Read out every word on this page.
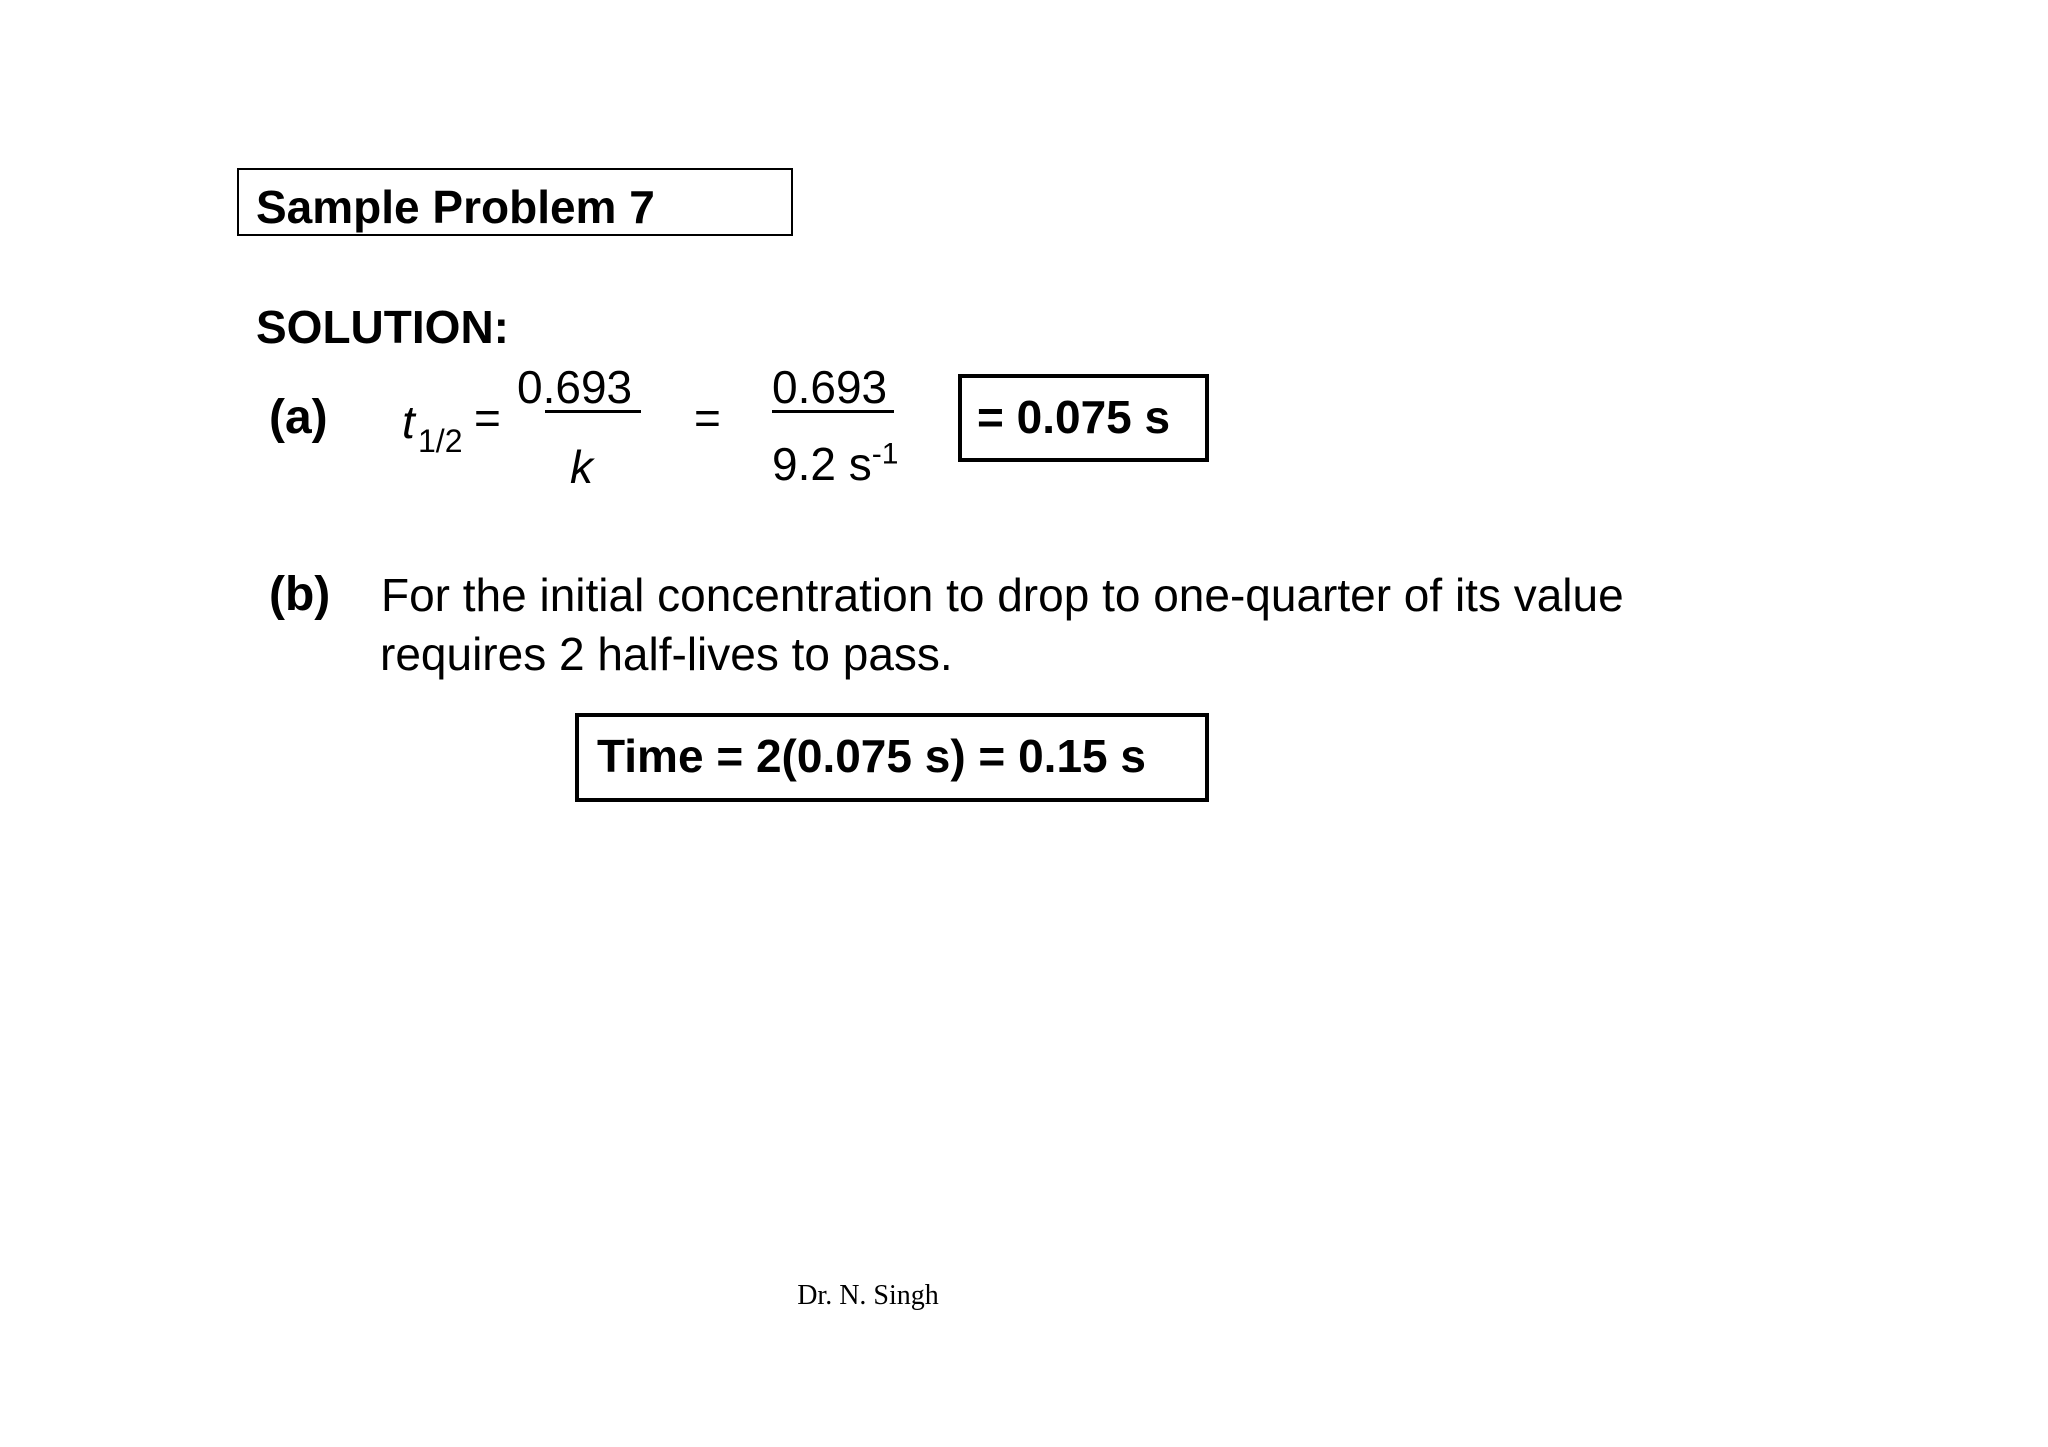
Sample Problem 7
SOLUTION:
(a) t 1/2 =
0.693
k
=
0.693
9.2 $s^{-1}$
= 0.075 s
(b) For the initial concentration to drop to one-quarter of its value
requires 2 half-lives to pass.
Time = 2(0.075 s) = 0.15 s
Dr. N. Singh
